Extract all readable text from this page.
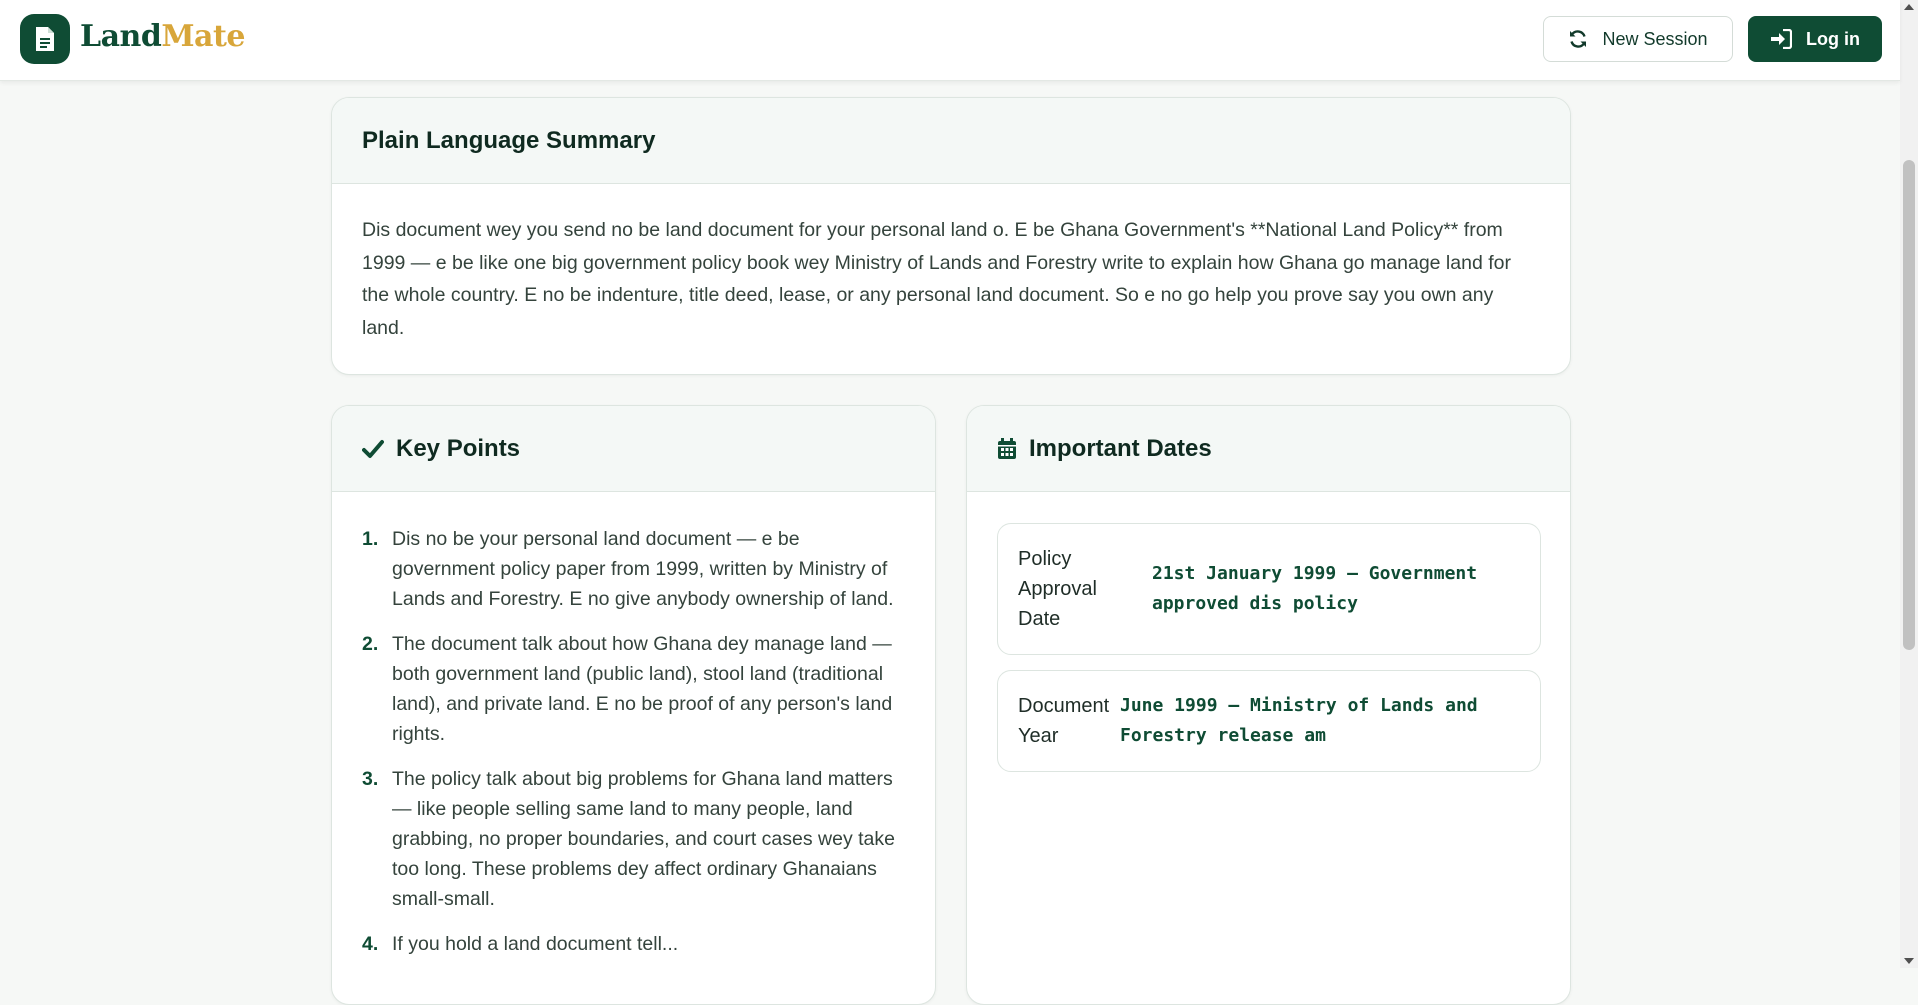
LandMate	New Session	Log in
Plain Language Summary
Dis document wey you send no be land document for your personal land o. E be Ghana Government's **National Land Policy** from 1999 — e be like one big government policy book wey Ministry of Lands and Forestry write to explain how Ghana go manage land for the whole country. E no be indenture, title deed, lease, or any personal land document. So e no go help you prove say you own any land.
Key Points
1. Dis no be your personal land document — e be government policy paper from 1999, written by Ministry of Lands and Forestry. E no give anybody ownership of land.
2. The document talk about how Ghana dey manage land — both government land (public land), stool land (traditional land), and private land. E no be proof of any person's land rights.
3. The policy talk about big problems for Ghana land matters — like people selling same land to many people, land grabbing, no proper boundaries, and court cases wey take too long. These problems dey affect ordinary Ghanaians small-small.
4. If you hold a land document tell...
Important Dates
Policy Approval Date
21st January 1999 – Government approved dis policy
Document Year
June 1999 – Ministry of Lands and Forestry release am
